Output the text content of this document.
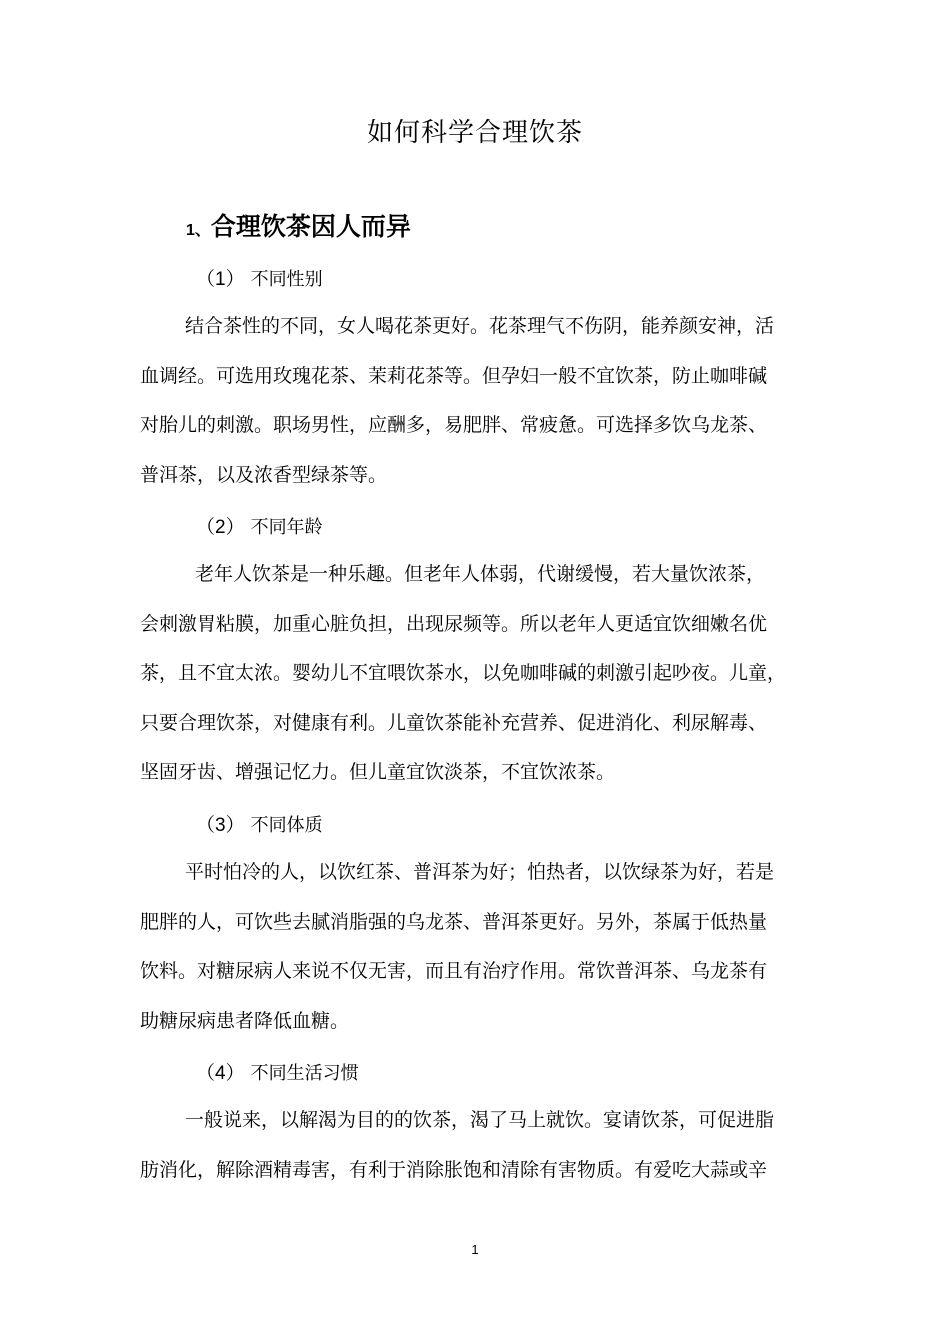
如何科学合理饮茶
1、合理饮茶因人而异
（1） 不同性别
结合茶性的不同，女人喝花茶更好。花茶理气不伤阴，能养颜安神，活
血调经。可选用玫瑰花茶、茉莉花茶等。但孕妇一般不宜饮茶，防止咖啡碱
对胎儿的刺激。职场男性，应酬多，易肥胖、常疲惫。可选择多饮乌龙茶、
普洱茶，以及浓香型绿茶等。
（2） 不同年龄
老年人饮茶是一种乐趣。但老年人体弱，代谢缓慢，若大量饮浓茶，
会刺激胃粘膜，加重心脏负担，出现尿频等。所以老年人更适宜饮细嫩名优
茶，且不宜太浓。婴幼儿不宜喂饮茶水，以免咖啡碱的刺激引起吵夜。儿童，
只要合理饮茶，对健康有利。儿童饮茶能补充营养、促进消化、利尿解毒、
坚固牙齿、增强记忆力。但儿童宜饮淡茶，不宜饮浓茶。
（3） 不同体质
平时怕冷的人，以饮红茶、普洱茶为好；怕热者，以饮绿茶为好，若是
肥胖的人，可饮些去腻消脂强的乌龙茶、普洱茶更好。另外，茶属于低热量
饮料。对糖尿病人来说不仅无害，而且有治疗作用。常饮普洱茶、乌龙茶有
助糖尿病患者降低血糖。
（4） 不同生活习惯
一般说来，以解渴为目的的饮茶，渴了马上就饮。宴请饮茶，可促进脂
肪消化，解除酒精毒害，有利于消除胀饱和清除有害物质。有爱吃大蒜或辛
1
